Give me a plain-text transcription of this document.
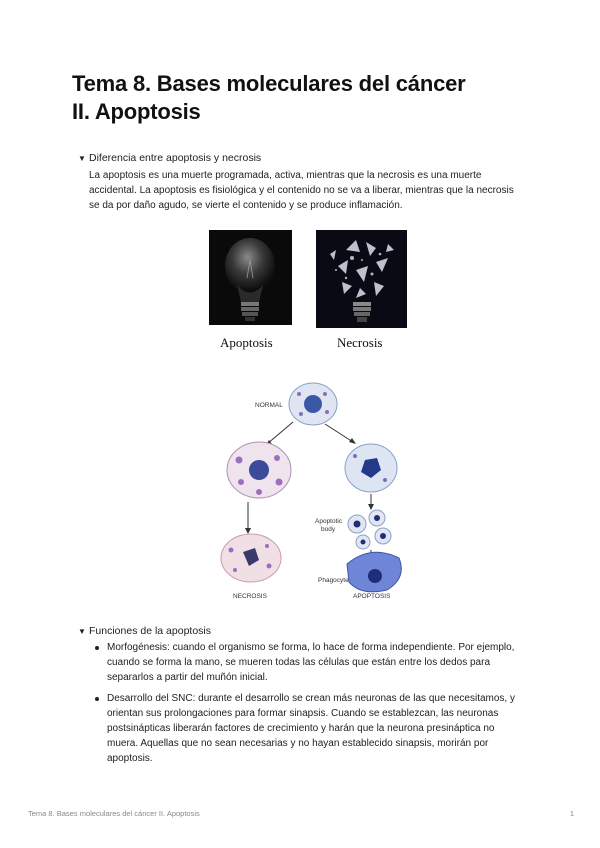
Tema 8. Bases moleculares del cáncer
II. Apoptosis
▼ Diferencia entre apoptosis y necrosis
La apoptosis es una muerte programada, activa, mientras que la necrosis es una muerte
accidental. La apoptosis es fisiológica y el contenido no se va a liberar, mientras que la necrosis
se da por daño agudo, se vierte el contenido y se produce inflamación.
Apoptosis	Necrosis
NORMAL
Apoptotic
body
Phagocyte
NECROSIS	APOPTOSIS
▼ Funciones de la apoptosis
Morfogénesis: cuando el organismo se forma, lo hace de forma independiente. Por ejemplo,
cuando se forma la mano, se mueren todas las células que están entre los dedos para
separarlos a partir del muñón inicial.
Desarrollo del SNC: durante el desarrollo se crean más neuronas de las que necesitamos, y
orientan sus prolongaciones para formar sinapsis. Cuando se establezcan, las neuronas
postsinápticas liberarán factores de crecimiento y harán que la neurona presináptica no
muera. Aquellas que no sean necesarias y no hayan establecido sinapsis, morirán por
apoptosis.
Tema 8. Bases moleculares del cáncer II. Apoptosis	1
